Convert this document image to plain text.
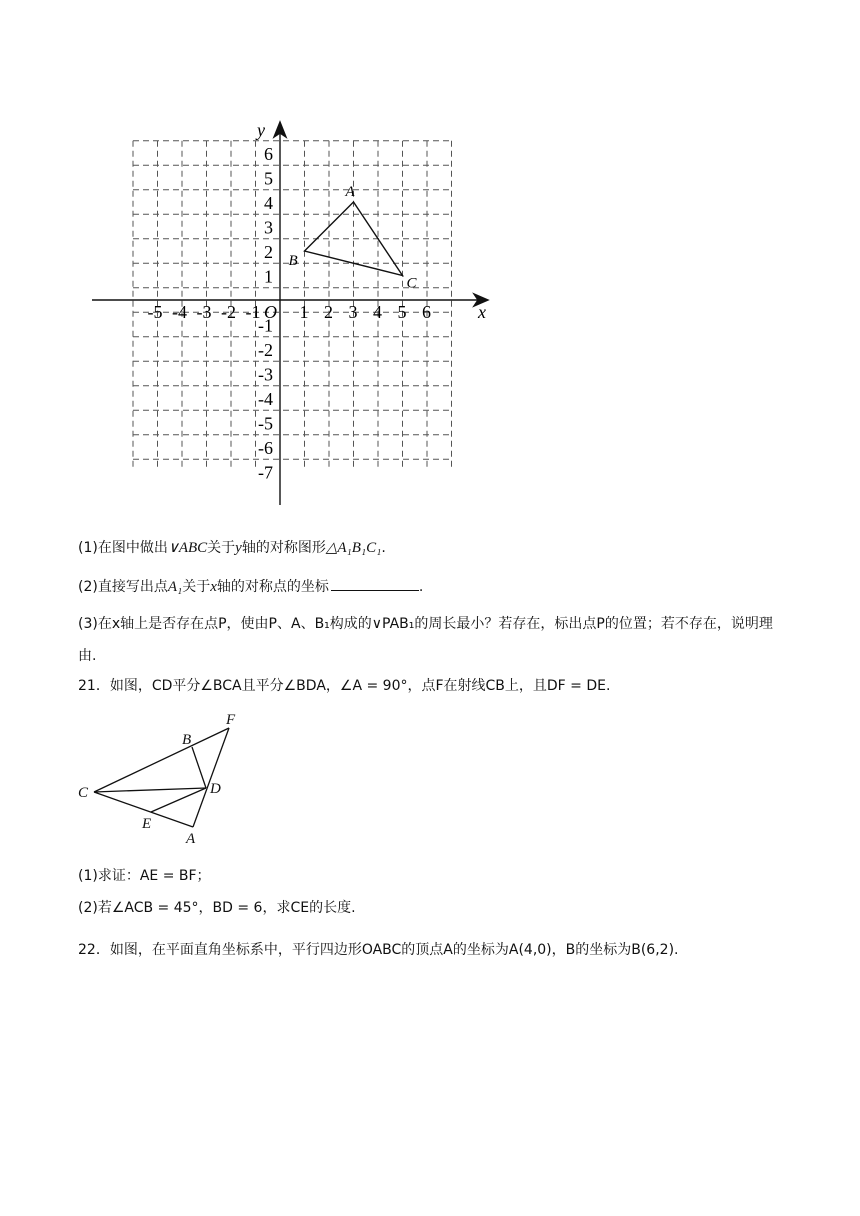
x
y
O
-5 -4 -3 -2 -1 1 2 3 4 5 6
1
2
3
4
5
6
-1
-2
-3
-4
-5
-6
-7
A
B
C
(1)在图中做出∨ABC关于y轴的对称图形△A₁B₁C₁.
(2)直接写出点A₁关于x轴的对称点的坐标	.
(3)在x轴上是否存在点P，使由P、A、B₁构成的∨PAB₁的周长最小？若存在，标出点P的位置；若不存在，说明理由.
21．如图，CD平分∠BCA且平分∠BDA，∠A = 90°，点F在射线CB上，且DF = DE.
F
B
C	D
E
A
(1)求证：AE = BF；
(2)若∠ACB = 45°，BD = 6，求CE的长度.
22．如图，在平面直角坐标系中，平行四边形OABC的顶点A的坐标为A(4,0)，B的坐标为B(6,2).
